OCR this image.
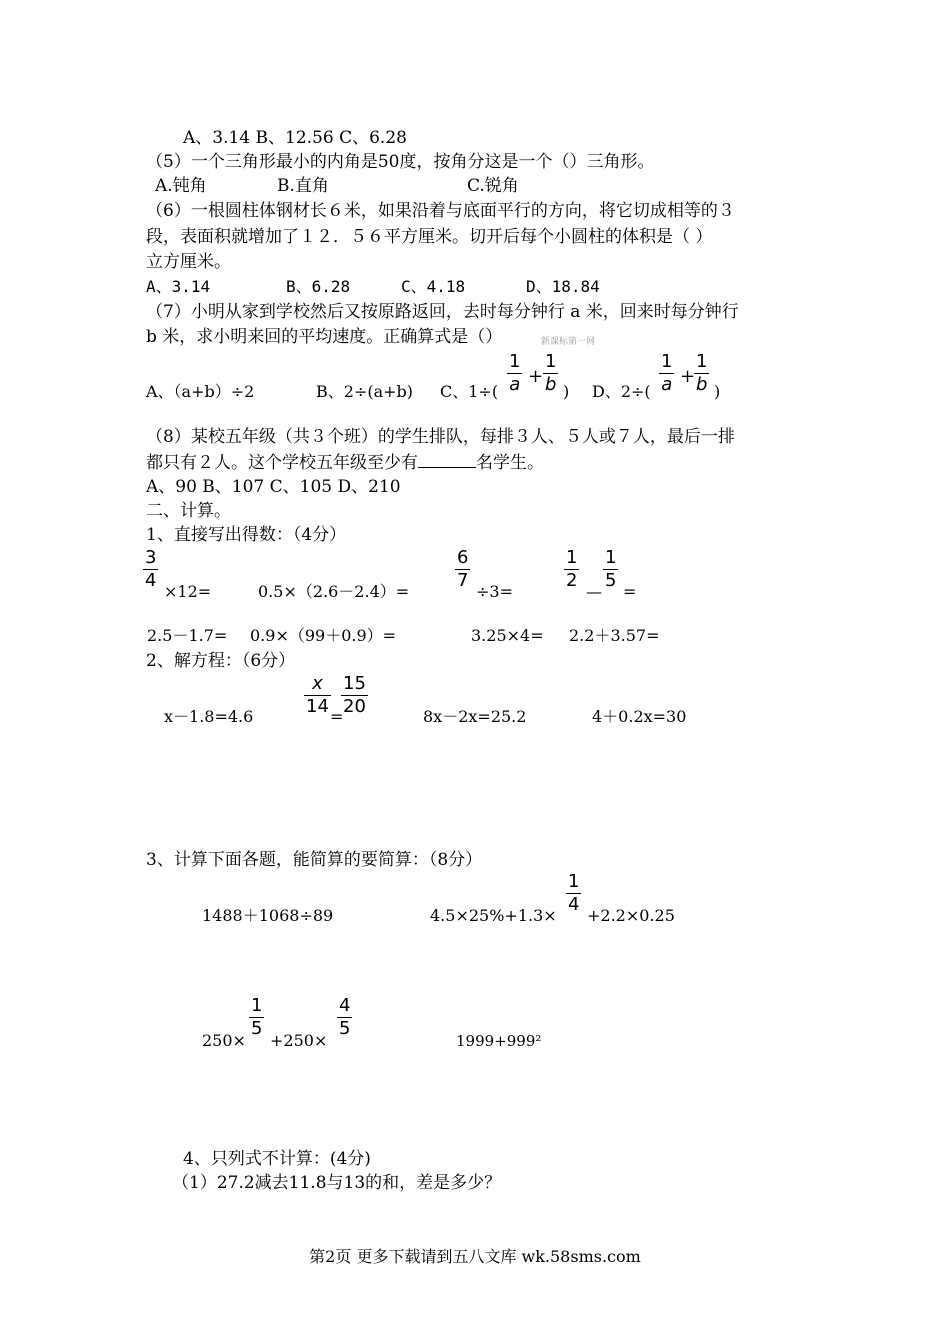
A、3.14 B、12.56 C、6.28
（5）一个三角形最小的内角是50度，按角分这是一个（）三角形。
A.钝角	B.直角	C.锐角
（6）一根圆柱体钢材长６米，如果沿着与底面平行的方向，将它切成相等的３
段，表面积就增加了１２．５６平方厘米。切开后每个小圆柱的体积是（ ）
立方厘米。
A、3.14	B、6.28	C、4.18	D、18.84
（7）小明从家到学校然后又按原路返回，去时每分钟行 a 米，回来时每分钟行
b 米，求小明来回的平均速度。正确算式是（）	新课标第一网
A、（a+b）÷2	B、2÷(a+b) C、1÷(
1
a +
1
b ) D、2÷(
1
a +
1
b )
（8）某校五年级（共３个班）的学生排队，每排３人、５人或７人，最后一排
都只有２人。这个学校五年级至少有	名学生。
A、90 B、107 C、105 D、210
二、计算。
1、直接写出得数：（4分）
3
4
×12=	0.5×（2.6－2.4）=
6
7
÷3=
1
2
—
1
5
=
2.5－1.7= 0.9×（99＋0.9）=	3.25×4= 2.2＋3.57=
2、解方程：（6分）
x－1.8=4.6
x
14 =
15
20	8x－2x=25.2	4＋0.2x=30
3、计算下面各题，能简算的要简算：（8分）
1488＋1068÷89	4.5×25%+1.3×
1
4
+2.2×0.25
250×
1
5
+250×
4
5
1999+999²
4、只列式不计算：(4分)
（1）27.2减去11.8与13的和，差是多少？
第2页 更多下载请到五八文库 wk.58sms.com
